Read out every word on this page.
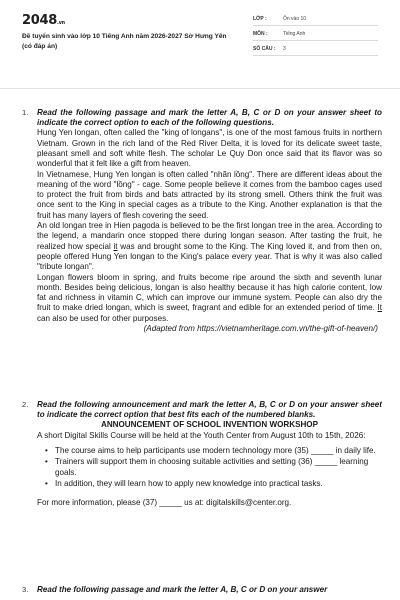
2048.vn
Đề tuyển sinh vào lớp 10 Tiếng Anh năm 2026-2027 Sở Hưng Yên (có đáp án)
LỚP :	Ôn vào 10
MÔN :	Tiếng Anh
SỐ CÂU : 3
1. Read the following passage and mark the letter A, B, C or D on your answer sheet to indicate the correct option to each of the following questions.

Hung Yen longan, often called the "king of longans", is one of the most famous fruits in northern Vietnam. Grown in the rich land of the Red River Delta, it is loved for its delicate sweet taste, pleasant smell and soft white flesh. The scholar Le Quy Don once said that its flavor was so wonderful that it felt like a gift from heaven.

In Vietnamese, Hung Yen longan is often called "nhãn lồng". There are different ideas about the meaning of the word "lồng" - cage. Some people believe it comes from the bamboo cages used to protect the fruit from birds and bats attracted by its strong smell. Others think the fruit was once sent to the King in special cages as a tribute to the King. Another explanation is that the fruit has many layers of flesh covering the seed.

An old longan tree in Hien pagoda is believed to be the first longan tree in the area. According to the legend, a mandarin once stopped there during longan season. After tasting the fruit, he realized how special it was and brought some to the King. The King loved it, and from then on, people offered Hung Yen longan to the King's palace every year. That is why it was also called "tribute longan".

Longan flowers bloom in spring, and fruits become ripe around the sixth and seventh lunar month. Besides being delicious, longan is also healthy because it has high calorie content, low fat and richness in vitamin C, which can improve our immune system. People can also dry the fruit to make dried longan, which is sweet, fragrant and edible for an extended period of time. It can also be used for other purposes.

(Adapted from https://vietnamheritage.com.vn/the-gift-of-heaven/)

2. Read the following announcement and mark the letter A, B, C or D on your answer sheet to indicate the correct option that best fits each of the numbered blanks.

ANNOUNCEMENT OF SCHOOL INVENTION WORKSHOP

A short Digital Skills Course will be held at the Youth Center from August 10th to 15th, 2026:

• The course aims to help participants use modern technology more (35) _____ in daily life.
• Trainers will support them in choosing suitable activities and setting (36) _____ learning goals.
• In addition, they will learn how to apply new knowledge into practical tasks.

For more information, please (37) _____ us at: digitalskills@center.org.

3. Read the following passage and mark the letter A, B, C or D on your answer
